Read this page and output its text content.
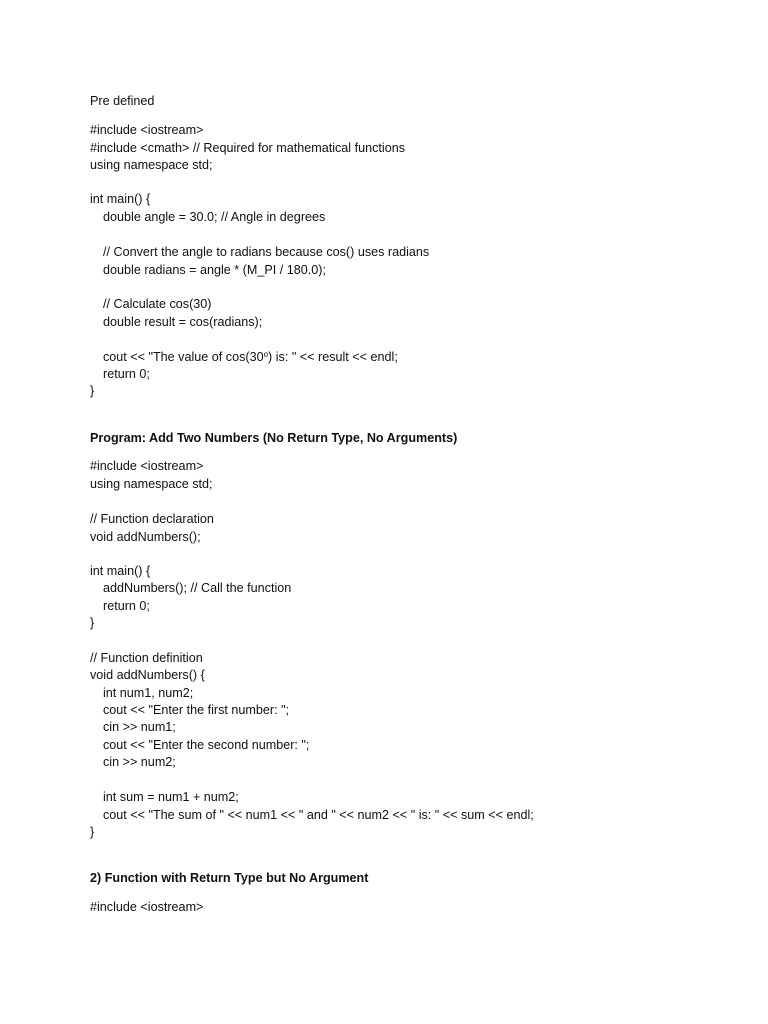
Pre defined

#include <iostream>

#include <cmath> // Required for mathematical functions

using namespace std;

int main() {

double angle = 30.0; // Angle in degrees

// Convert the angle to radians because cos() uses radians

double radians = angle * (M_PI / 180.0);

// Calculate cos(30)

double result = cos(radians);

cout << "The value of cos(30$^o$) is: " << result << endl;

return 0;

}

Program: Add Two Numbers (No Return Type, No Arguments)

#include <iostream>

using namespace std;

// Function declaration

void addNumbers();

int main() {

addNumbers(); // Call the function

return 0;

}

// Function definition

void addNumbers() {

int num1, num2;

cout << "Enter the first number: ";

cin >> num1;

cout << "Enter the second number: ";

cin >> num2;

int sum = num1 + num2;

cout << "The sum of " << num1 << " and " << num2 << " is: " << sum << endl;

}

2) Function with Return Type but No Argument

#include <iostream>
